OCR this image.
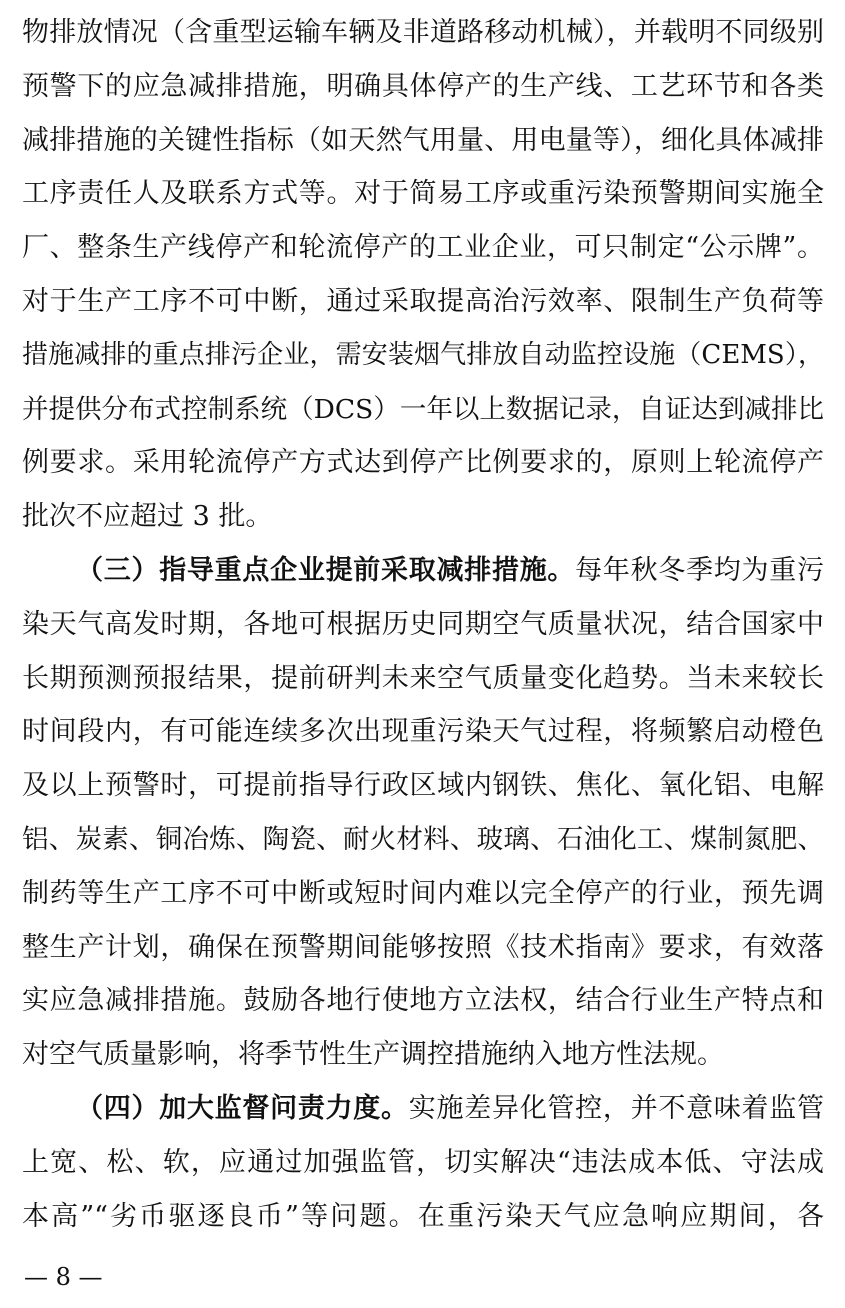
物排放情况（含重型运输车辆及非道路移动机械），并载明不同级别
预警下的应急减排措施，明确具体停产的生产线、工艺环节和各类
减排措施的关键性指标（如天然气用量、用电量等），细化具体减排
工序责任人及联系方式等。对于简易工序或重污染预警期间实施全
厂、整条生产线停产和轮流停产的工业企业，可只制定“公示牌”。
对于生产工序不可中断，通过采取提高治污效率、限制生产负荷等
措施减排的重点排污企业，需安装烟气排放自动监控设施（CEMS），
并提供分布式控制系统（DCS）一年以上数据记录，自证达到减排比
例要求。采用轮流停产方式达到停产比例要求的，原则上轮流停产
批次不应超过 3 批。
（三）指导重点企业提前采取减排措施。每年秋冬季均为重污
染天气高发时期，各地可根据历史同期空气质量状况，结合国家中
长期预测预报结果，提前研判未来空气质量变化趋势。当未来较长
时间段内，有可能连续多次出现重污染天气过程，将频繁启动橙色
及以上预警时，可提前指导行政区域内钢铁、焦化、氧化铝、电解
铝、炭素、铜冶炼、陶瓷、耐火材料、玻璃、石油化工、煤制氮肥、
制药等生产工序不可中断或短时间内难以完全停产的行业，预先调
整生产计划，确保在预警期间能够按照《技术指南》要求，有效落
实应急减排措施。鼓励各地行使地方立法权，结合行业生产特点和
对空气质量影响，将季节性生产调控措施纳入地方性法规。
（四）加大监督问责力度。实施差异化管控，并不意味着监管
上宽、松、软，应通过加强监管，切实解决“违法成本低、守法成
本高”“劣币驱逐良币”等问题。在重污染天气应急响应期间，各
— 8 —
